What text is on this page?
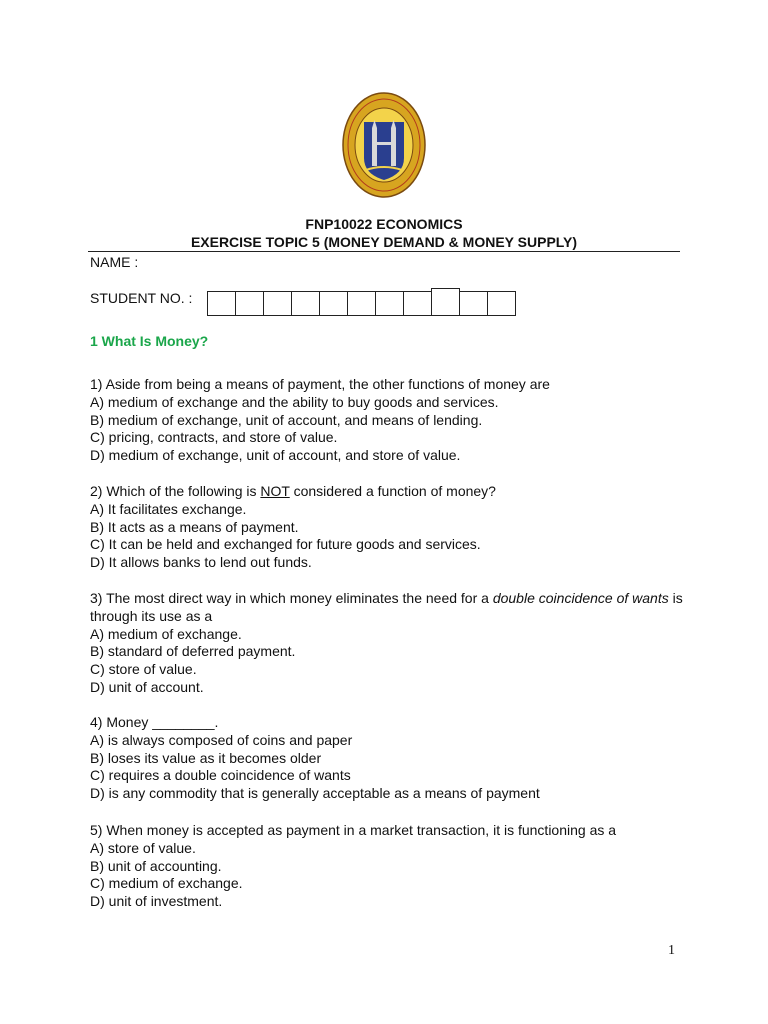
FNP10022 ECONOMICS
EXERCISE TOPIC 5 (MONEY DEMAND & MONEY SUPPLY)
NAME :
STUDENT NO. :
1 What Is Money?

1) Aside from being a means of payment, the other functions of money are

A) medium of exchange and the ability to buy goods and services.

B) medium of exchange, unit of account, and means of lending.

C) pricing, contracts, and store of value.

D) medium of exchange, unit of account, and store of value.

2) Which of the following is NOT considered a function of money?

A) It facilitates exchange.

B) It acts as a means of payment.

C) It can be held and exchanged for future goods and services.

D) It allows banks to lend out funds.

3) The most direct way in which money eliminates the need for a double coincidence of wants is through its use as a

A) medium of exchange.

B) standard of deferred payment.

C) store of value.

D) unit of account.

4) Money ________.

A) is always composed of coins and paper

B) loses its value as it becomes older

C) requires a double coincidence of wants

D) is any commodity that is generally acceptable as a means of payment

5) When money is accepted as payment in a market transaction, it is functioning as a

A) store of value.

B) unit of accounting.

C) medium of exchange.

D) unit of investment.

1
